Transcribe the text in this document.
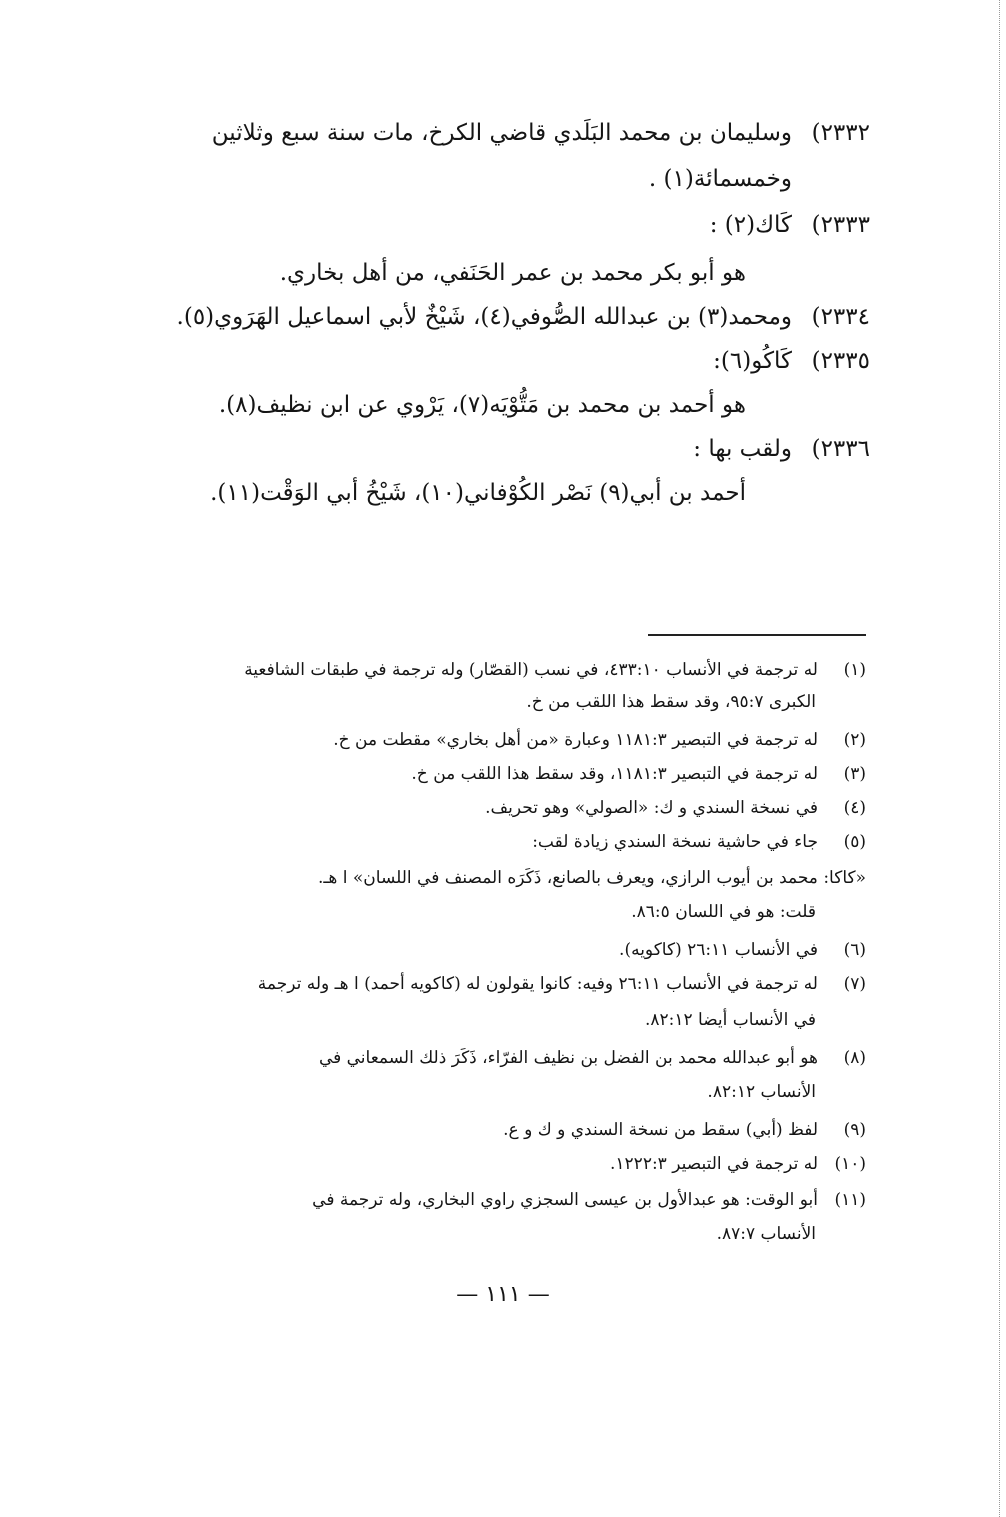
٢٣٣٢)وسليمان بن محمد البَلَدي قاضي الكرخ، مات سنة سبع وثلاثين
وخمسمائة(١) .
٢٣٣٣)كَاك(٢) :
هو أبو بكر محمد بن عمر الحَنَفي، من أهل بخاري.
٢٣٣٤)ومحمد(٣) بن عبدالله الصُّوفي(٤)، شَيْخٌ لأبي اسماعيل الهَرَوي(٥).
٢٣٣٥)كَاكُو(٦):
هو أحمد بن محمد بن مَتُّوْيَه(٧)، يَرْوي عن ابن نظيف(٨).
٢٣٣٦)ولقب بها :
أحمد بن أبي(٩) نَصْر الكُوْفاني(١٠)، شَيْخُ أبي الوَقْت(١١).
(١)له ترجمة في الأنساب ٤٣٣:١٠، في نسب (القصّار) وله ترجمة في طبقات الشافعية
الكبرى ٩٥:٧، وقد سقط هذا اللقب من خ.
(٢)له ترجمة في التبصير ١١٨١:٣ وعبارة «من أهل بخاري» مقطت من خ.
(٣)له ترجمة في التبصير ١١٨١:٣، وقد سقط هذا اللقب من خ.
(٤)في نسخة السندي و ك: «الصولي» وهو تحريف.
(٥)جاء في حاشية نسخة السندي زيادة لقب:
«كاكا: محمد بن أيوب الرازي، ويعرف بالصانع، ذَكَرَه المصنف في اللسان» ا هـ.
قلت: هو في اللسان ٨٦:٥.
(٦)في الأنساب ٢٦:١١ (كاكويه).
(٧)له ترجمة في الأنساب ٢٦:١١ وفيه: كانوا يقولون له (كاكويه أحمد) ا هـ وله ترجمة
في الأنساب أيضا ٨٢:١٢.
(٨)هو أبو عبدالله محمد بن الفضل بن نظيف الفرّاء، ذَكَرَ ذلك السمعاني في
الأنساب ٨٢:١٢.
(٩)لفظ (أبي) سقط من نسخة السندي و ك و ع.
(١٠)له ترجمة في التبصير ١٢٢٢:٣.
(١١)أبو الوقت: هو عبدالأول بن عيسى السجزي راوي البخاري، وله ترجمة في
الأنساب ٨٧:٧.
— ١١١ —
